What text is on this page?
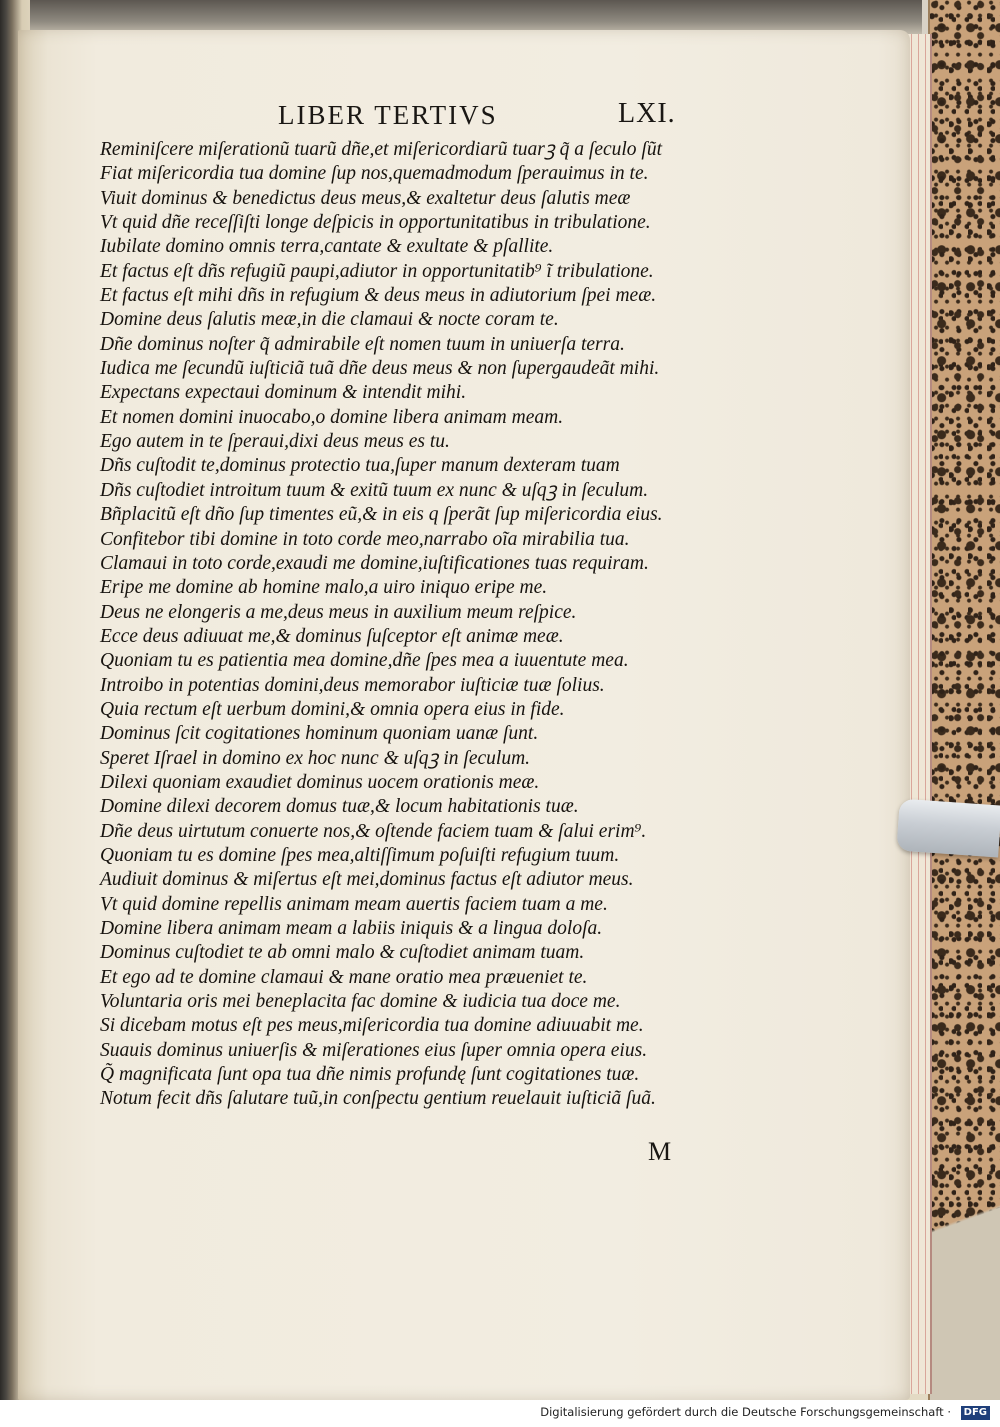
LIBER TERTIVS	LXI.
Reminiſcere miſerationũ tuarũ dñe,et miſericordiarũ tuarꝫ q̃ a ſeculo ſũt
Fiat miſericordia tua domine ſup nos,quemadmodum ſperauimus in te.
Viuit dominus & benedictus deus meus,& exaltetur deus ſalutis meæ
Vt quid dñe receſſiſti longe deſpicis in opportunitatibus in tribulatione.
Iubilate domino omnis terra,cantate & exultate & pſallite.
Et factus eſt dñs refugiũ paupi,adiutor in opportunitatib⁹ ĩ tribulatione.
Et factus eſt mihi dñs in refugium & deus meus in adiutorium ſpei meæ.
Domine deus ſalutis meæ,in die clamaui & nocte coram te.
Dñe dominus noſter q̃ admirabile eſt nomen tuum in uniuerſa terra.
Iudica me ſecundũ iuſticiã tuã dñe deus meus & non ſupergaudeãt mihi.
Expectans expectaui dominum & intendit mihi.
Et nomen domini inuocabo,o domine libera animam meam.
Ego autem in te ſperaui,dixi deus meus es tu.
Dñs cuſtodit te,dominus protectio tua,ſuper manum dexteram tuam
Dñs cuſtodiet introitum tuum & exitũ tuum ex nunc & uſqꝫ in ſeculum.
Bñplacitũ eſt dño ſup timentes eũ,& in eis q ſperãt ſup miſericordia eius.
Confitebor tibi domine in toto corde meo,narrabo oĩa mirabilia tua.
Clamaui in toto corde,exaudi me domine,iuſtificationes tuas requiram.
Eripe me domine ab homine malo,a uiro iniquo eripe me.
Deus ne elongeris a me,deus meus in auxilium meum reſpice.
Ecce deus adiuuat me,& dominus ſuſceptor eſt animæ meæ.
Quoniam tu es patientia mea domine,dñe ſpes mea a iuuentute mea.
Introibo in potentias domini,deus memorabor iuſticiæ tuæ ſolius.
Quia rectum eſt uerbum domini,& omnia opera eius in fide.
Dominus ſcit cogitationes hominum quoniam uanæ ſunt.
Speret Iſrael in domino ex hoc nunc & uſqꝫ in ſeculum.
Dilexi quoniam exaudiet dominus uocem orationis meæ.
Domine dilexi decorem domus tuæ,& locum habitationis tuæ.
Dñe deus uirtutum conuerte nos,& oſtende faciem tuam & ſalui erim⁹.
Quoniam tu es domine ſpes mea,altiſſimum poſuiſti refugium tuum.
Audiuit dominus & miſertus eſt mei,dominus factus eſt adiutor meus.
Vt quid domine repellis animam meam auertis faciem tuam a me.
Domine libera animam meam a labiis iniquis & a lingua doloſa.
Dominus cuſtodiet te ab omni malo & cuſtodiet animam tuam.
Et ego ad te domine clamaui & mane oratio mea præueniet te.
Voluntaria oris mei beneplacita fac domine & iudicia tua doce me.
Si dicebam motus eſt pes meus,miſericordia tua domine adiuuabit me.
Suauis dominus uniuerſis & miſerationes eius ſuper omnia opera eius.
Q̃ magnificata ſunt opa tua dñe nimis profundę ſunt cogitationes tuæ.
Notum fecit dñs ſalutare tuũ,in conſpectu gentium reuelauit iuſticiã ſuã.
M
Digitalisierung gefördert durch die Deutsche Forschungsgemeinschaft · DFG
